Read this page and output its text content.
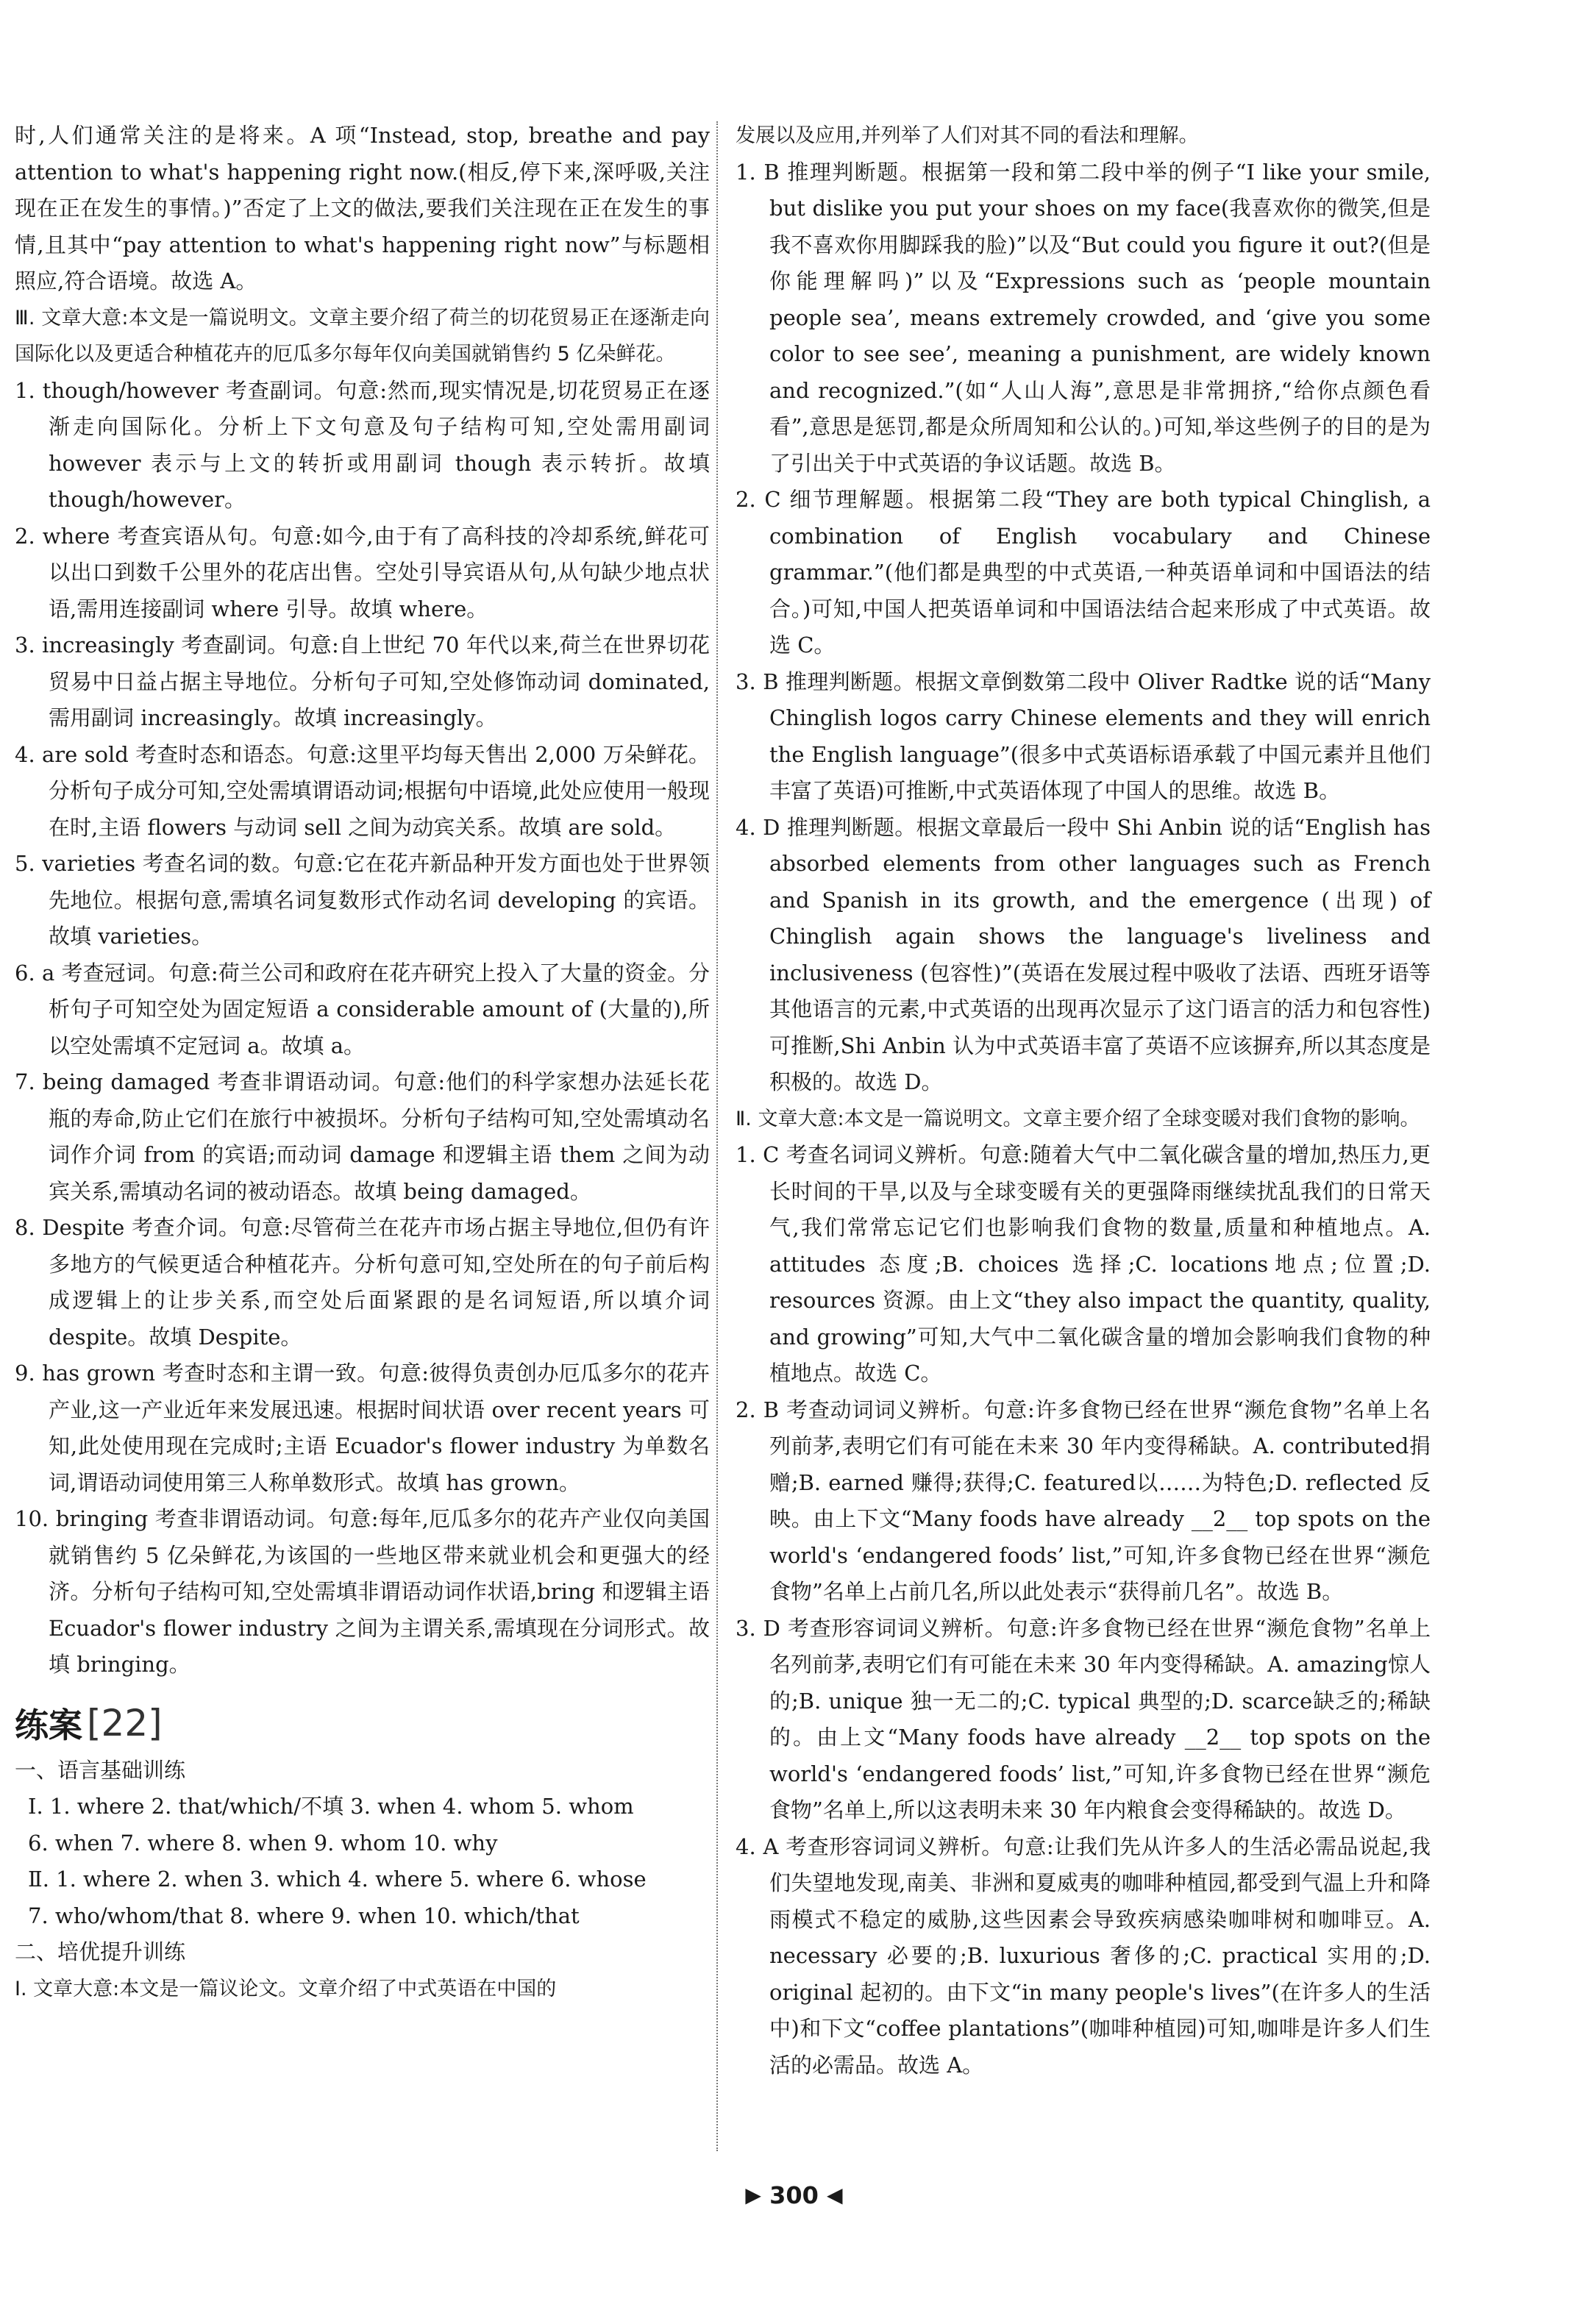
时,人们通常关注的是将来。A 项“Instead, stop, breathe and pay attention to what's happening right now.(相反,停下来,深呼吸,关注现在正在发生的事情。)”否定了上文的做法,要我们关注现在正在发生的事情,且其中“pay attention to what's happening right now”与标题相照应,符合语境。故选 A。

Ⅲ. 文章大意:本文是一篇说明文。文章主要介绍了荷兰的切花贸易正在逐渐走向国际化以及更适合种植花卉的厄瓜多尔每年仅向美国就销售约 5 亿朵鲜花。

1. though/however 考查副词。句意:然而,现实情况是,切花贸易正在逐渐走向国际化。分析上下文句意及句子结构可知,空处需用副词 however 表示与上文的转折或用副词 though 表示转折。故填 though/however。

2. where 考查宾语从句。句意:如今,由于有了高科技的冷却系统,鲜花可以出口到数千公里外的花店出售。空处引导宾语从句,从句缺少地点状语,需用连接副词 where 引导。故填 where。

3. increasingly 考查副词。句意:自上世纪 70 年代以来,荷兰在世界切花贸易中日益占据主导地位。分析句子可知,空处修饰动词 dominated,需用副词 increasingly。故填 increasingly。

4. are sold 考查时态和语态。句意:这里平均每天售出 2,000 万朵鲜花。分析句子成分可知,空处需填谓语动词;根据句中语境,此处应使用一般现在时,主语 flowers 与动词 sell 之间为动宾关系。故填 are sold。

5. varieties 考查名词的数。句意:它在花卉新品种开发方面也处于世界领先地位。根据句意,需填名词复数形式作动名词 developing 的宾语。故填 varieties。

6. a 考查冠词。句意:荷兰公司和政府在花卉研究上投入了大量的资金。分析句子可知空处为固定短语 a considerable amount of (大量的),所以空处需填不定冠词 a。故填 a。

7. being damaged 考查非谓语动词。句意:他们的科学家想办法延长花瓶的寿命,防止它们在旅行中被损坏。分析句子结构可知,空处需填动名词作介词 from 的宾语;而动词 damage 和逻辑主语 them 之间为动宾关系,需填动名词的被动语态。故填 being damaged。

8. Despite 考查介词。句意:尽管荷兰在花卉市场占据主导地位,但仍有许多地方的气候更适合种植花卉。分析句意可知,空处所在的句子前后构成逻辑上的让步关系,而空处后面紧跟的是名词短语,所以填介词 despite。故填 Despite。

9. has grown 考查时态和主谓一致。句意:彼得负责创办厄瓜多尔的花卉产业,这一产业近年来发展迅速。根据时间状语 over recent years 可知,此处使用现在完成时;主语 Ecuador's flower industry 为单数名词,谓语动词使用第三人称单数形式。故填 has grown。

10. bringing 考查非谓语动词。句意:每年,厄瓜多尔的花卉产业仅向美国就销售约 5 亿朵鲜花,为该国的一些地区带来就业机会和更强大的经济。分析句子结构可知,空处需填非谓语动词作状语,bring 和逻辑主语 Ecuador's flower industry 之间为主谓关系,需填现在分词形式。故填 bringing。

练案 [22]

一、语言基础训练

Ⅰ. 1. where 2. that/which/不填 3. when 4. whom 5. whom

6. when 7. where 8. when 9. whom 10. why

Ⅱ. 1. where 2. when 3. which 4. where 5. where 6. whose

7. who/whom/that 8. where 9. when 10. which/that

二、培优提升训练

Ⅰ. 文章大意:本文是一篇议论文。文章介绍了中式英语在中国的

发展以及应用,并列举了人们对其不同的看法和理解。

1. B 推理判断题。根据第一段和第二段中举的例子“I like your smile, but dislike you put your shoes on my face(我喜欢你的微笑,但是我不喜欢你用脚踩我的脸)”以及“But could you figure it out?(但是你能理解吗)”以及“Expressions such as ‘people mountain people sea’, means extremely crowded, and ‘give you some color to see see’, meaning a punishment, are widely known and recognized.”(如“人山人海”,意思是非常拥挤,“给你点颜色看看”,意思是惩罚,都是众所周知和公认的。)可知,举这些例子的目的是为了引出关于中式英语的争议话题。故选 B。

2. C 细节理解题。根据第二段“They are both typical Chinglish, a combination of English vocabulary and Chinese grammar.”(他们都是典型的中式英语,一种英语单词和中国语法的结合。)可知,中国人把英语单词和中国语法结合起来形成了中式英语。故选 C。

3. B 推理判断题。根据文章倒数第二段中 Oliver Radtke 说的话“Many Chinglish logos carry Chinese elements and they will enrich the English language”(很多中式英语标语承载了中国元素并且他们丰富了英语)可推断,中式英语体现了中国人的思维。故选 B。

4. D 推理判断题。根据文章最后一段中 Shi Anbin 说的话“English has absorbed elements from other languages such as French and Spanish in its growth, and the emergence (出现) of Chinglish again shows the language's liveliness and inclusiveness (包容性)”(英语在发展过程中吸收了法语、西班牙语等其他语言的元素,中式英语的出现再次显示了这门语言的活力和包容性)可推断,Shi Anbin 认为中式英语丰富了英语不应该摒弃,所以其态度是积极的。故选 D。

Ⅱ. 文章大意:本文是一篇说明文。文章主要介绍了全球变暖对我们食物的影响。

1. C 考查名词词义辨析。句意:随着大气中二氧化碳含量的增加,热压力,更长时间的干旱,以及与全球变暖有关的更强降雨继续扰乱我们的日常天气,我们常常忘记它们也影响我们食物的数量,质量和种植地点。A. attitudes 态度;B. choices 选择;C. locations地点;位置;D. resources 资源。由上文“they also impact the quantity, quality, and growing”可知,大气中二氧化碳含量的增加会影响我们食物的种植地点。故选 C。

2. B 考查动词词义辨析。句意:许多食物已经在世界“濒危食物”名单上名列前茅,表明它们有可能在未来 30 年内变得稀缺。A. contributed捐赠;B. earned 赚得;获得;C. featured以……为特色;D. reflected 反映。由上下文“Many foods have already __2__ top spots on the world's ‘endangered foods’ list,”可知,许多食物已经在世界“濒危食物”名单上占前几名,所以此处表示“获得前几名”。故选 B。

3. D 考查形容词词义辨析。句意:许多食物已经在世界“濒危食物”名单上名列前茅,表明它们有可能在未来 30 年内变得稀缺。A. amazing惊人的;B. unique 独一无二的;C. typical 典型的;D. scarce缺乏的;稀缺的。由上文“Many foods have already __2__ top spots on the world's ‘endangered foods’ list,”可知,许多食物已经在世界“濒危食物”名单上,所以这表明未来 30 年内粮食会变得稀缺的。故选 D。

4. A 考查形容词词义辨析。句意:让我们先从许多人的生活必需品说起,我们失望地发现,南美、非洲和夏威夷的咖啡种植园,都受到气温上升和降雨模式不稳定的威胁,这些因素会导致疾病感染咖啡树和咖啡豆。A. necessary 必要的;B. luxurious 奢侈的;C. practical 实用的;D. original 起初的。由下文“in many people's lives”(在许多人的生活中)和下文“coffee plantations”(咖啡种植园)可知,咖啡是许多人们生活的必需品。故选 A。

▶ 300 ◀
